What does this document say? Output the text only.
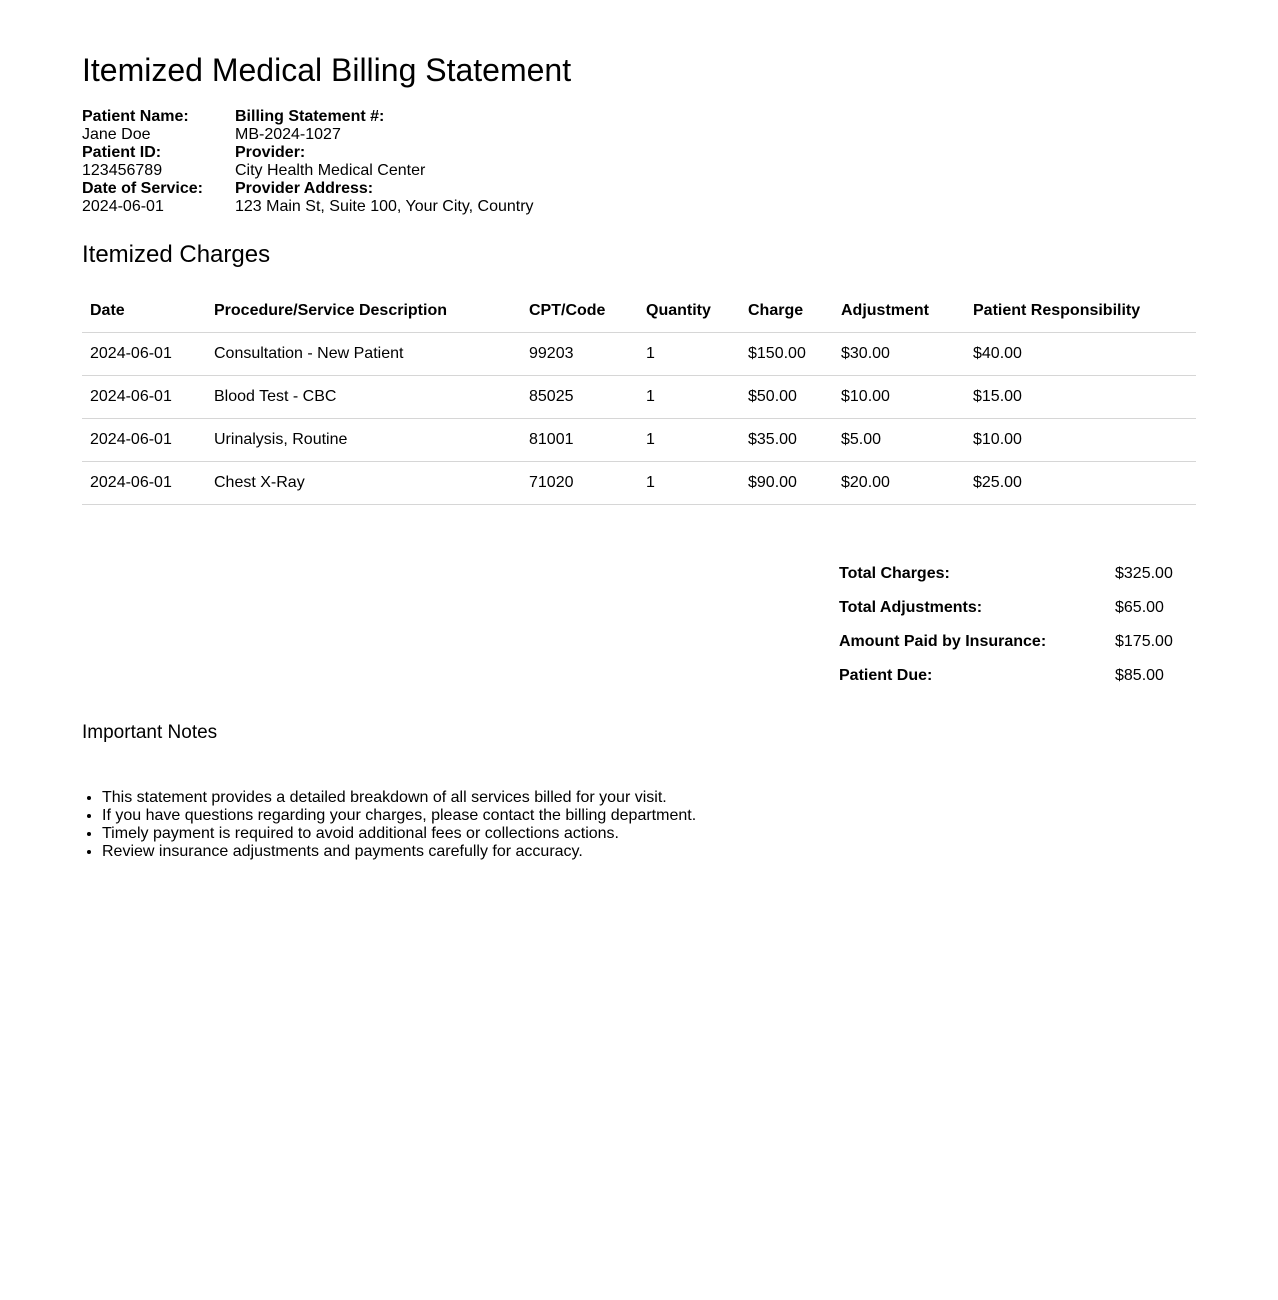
Itemized Medical Billing Statement
Patient Name:
Jane Doe
Patient ID:
123456789
Date of Service:
2024-06-01
Billing Statement #:
MB-2024-1027
Provider:
City Health Medical Center
Provider Address:
123 Main St, Suite 100, Your City, Country
Itemized Charges
Date	Procedure/Service Description	CPT/Code	Quantity	Charge	Adjustment	Patient Responsibility
2024-06-01	Consultation - New Patient	99203	1	$150.00	$30.00	$40.00
2024-06-01	Blood Test - CBC	85025	1	$50.00	$10.00	$15.00
2024-06-01	Urinalysis, Routine	81001	1	$35.00	$5.00	$10.00
2024-06-01	Chest X-Ray	71020	1	$90.00	$20.00	$25.00
Total Charges:	$325.00
Total Adjustments:	$65.00
Amount Paid by Insurance:	$175.00
Patient Due:	$85.00
Important Notes
• This statement provides a detailed breakdown of all services billed for your visit.
• If you have questions regarding your charges, please contact the billing department.
• Timely payment is required to avoid additional fees or collections actions.
• Review insurance adjustments and payments carefully for accuracy.
